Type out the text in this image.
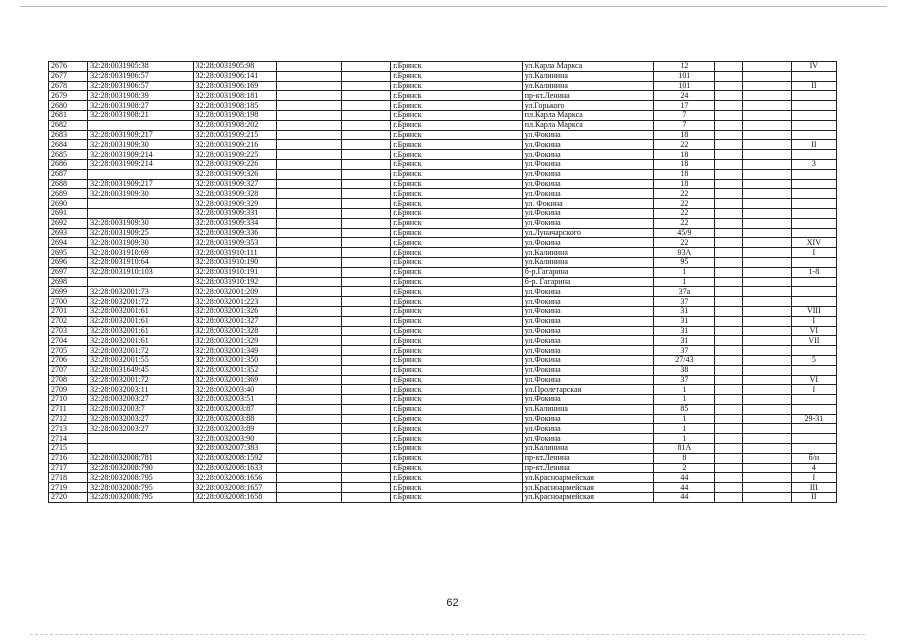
2676	32:28:0031905:38	32:28:0031905:98			г.Брянск	ул.Карла Маркса	12			IV
2677	32:28:0031906:57	32:28:0031906:141			г.Брянск	ул.Калинина	101			
2678	32:28:0031906:57	32:28:0031906:169			г.Брянск	ул.Калинина	101			II
2679	32:28:0031908:39	32:28:0031908:181			г.Брянск	пр-кт.Ленина	24			
2680	32:28:0031908:27	32:28:0031908:185			г.Брянск	ул.Горького	17			
2681	32:28:0031908:21	32:28:0031908:198			г.Брянск	пл.Карла Маркса	7			
2682		32:28:0031908:202			г.Брянск	пл.Карла Маркса	7			
2683	32:28:0031909:217	32:28:0031909:215			г.Брянск	ул.Фокина	18			
2684	32:28:0031909:30	32:28:0031909:216			г.Брянск	ул.Фокина	22			II
2685	32:28:0031909:214	32:28:0031909:225			г.Брянск	ул.Фокина	18			
2686	32:28:0031909:214	32:28:0031909:226			г.Брянск	ул.Фокина	18			3
2687		32:28:0031909:326			г.Брянск	ул.Фокина	18			
2688	32:28:0031909:217	32:28:0031909:327			г.Брянск	ул.Фокина	18			
2689	32:28:0031909:30	32:28:0031909:328			г.Брянск	ул.Фокина	22			
2690		32:28:0031909:329			г.Брянск	ул. Фокина	22			
2691		32:28:0031909:331			г.Брянск	ул.Фокина	22			
2692	32:28:0031909:30	32:28:0031909:334			г.Брянск	ул.Фокина	22			
2693	32:28:0031909:25	32:28:0031909:336			г.Брянск	ул.Луначарского	45/9			
2694	32:28:0031909:30	32:28:0031909:353			г.Брянск	ул.Фокина	22			XIV
2695	32:28:0031910:69	32:28:0031910:111			г.Брянск	ул.Калинина	93А			I
2696	32:28:0031910:64	32:28:0031910:190			г.Брянск	ул.Калинина	95			
2697	32:28:0031910:103	32:28:0031910:191			г.Брянск	б-р.Гагарина	1			1-8
2698		32:28:0031910:192			г.Брянск	б-р. Гагарина	1			
2699	32:28:0032001:73	32:28:0032001:209			г.Брянск	ул.Фокина	37а			
2700	32:28:0032001:72	32:28:0032001:223			г.Брянск	ул.Фокина	37			
2701	32:28:0032001:61	32:28:0032001:326			г.Брянск	ул.Фокина	31			VIII
2702	32:28:0032001:61	32:28:0032001:327			г.Брянск	ул.Фокина	31			I
2703	32:28:0032001:61	32:28:0032001:328			г.Брянск	ул.Фокина	31			VI
2704	32:28:0032001:61	32:28:0032001:329			г.Брянск	ул.Фокина	31			VII
2705	32:28:0032001:72	32:28:0032001:349			г.Брянск	ул.Фокина	37			
2706	32:28:0032001:55	32:28:0032001:350			г.Брянск	ул.Фокина	27/43			5
2707	32:28:0031649:45	32:28:0032001:352			г.Брянск	ул.Фокина	38			
2708	32:28:0032001:72	32:28:0032001:369			г.Брянск	ул.Фокина	37			VI
2709	32:28:0032003:11	32:28:0032003:40			г.Брянск	ул.Пролетарская	1			I
2710	32:28:0032003:27	32:28:0032003:51			г.Брянск	ул.Фокина	1			
2711	32:28:0032003:7	32:28:0032003:87			г.Брянск	ул.Калинина	85			
2712	32:28:0032003:27	32:28:0032003:88			г.Брянск	ул.Фокина	1			29-31
2713	32:28:0032003:27	32:28:0032003:89			г.Брянск	ул.Фокина	1			
2714		32:28:0032003:90			г.Брянск	ул.Фокина	1			
2715		32:28:0032007:383			г.Брянск	ул.Калинина	81А			
2716	32:28:0032008:781	32:28:0032008:1592			г.Брянск	пр-кт.Ленина	8			б/н
2717	32:28:0032008:790	32:28:0032008:1633			г.Брянск	пр-кт.Ленина	2			4
2718	32:28:0032008:795	32:28:0032008:1656			г.Брянск	ул.Красноармейская	44			I
2719	32:28:0032008:795	32:28:0032008:1657			г.Брянск	ул.Красноармейская	44			III
2720	32:28:0032008:795	32:28:0032008:1658			г.Брянск	ул.Красноармейская	44			II
62
